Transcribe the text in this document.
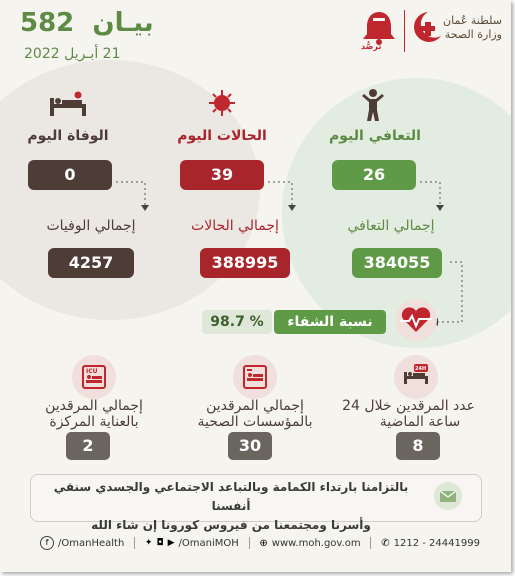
بيـان  582
21 أبـريل 2022	ترصُّد
سلطنة عُمان
وزارة الصحة
التعافي اليوم
الحالات اليوم
الوفاة اليوم
26
39
0
إجمالي التعافي
إجمالي الحالات
إجمالي الوفيات
384055
388995
4257
98.7 %	نسبة الشفاء
24H
ICU
عدد المرقدين خلال 24
ساعة الماضية
إجمالي المرقدين
بالمؤسسات الصحية
إجمالي المرقدين
بالعناية المركزة
8
30
2
بالتزامنا بارتداء الكمامة وبالتباعد الاجتماعي والجسدي سنقي أنفسنا
وأسرنا ومجتمعنا من فيروس كورونا إن شاء الله
f /OmanHealth ✦ ◘ ▶ /OmaniMOH ⊕ www.moh.gov.om ✆ 1212 - 24441999
